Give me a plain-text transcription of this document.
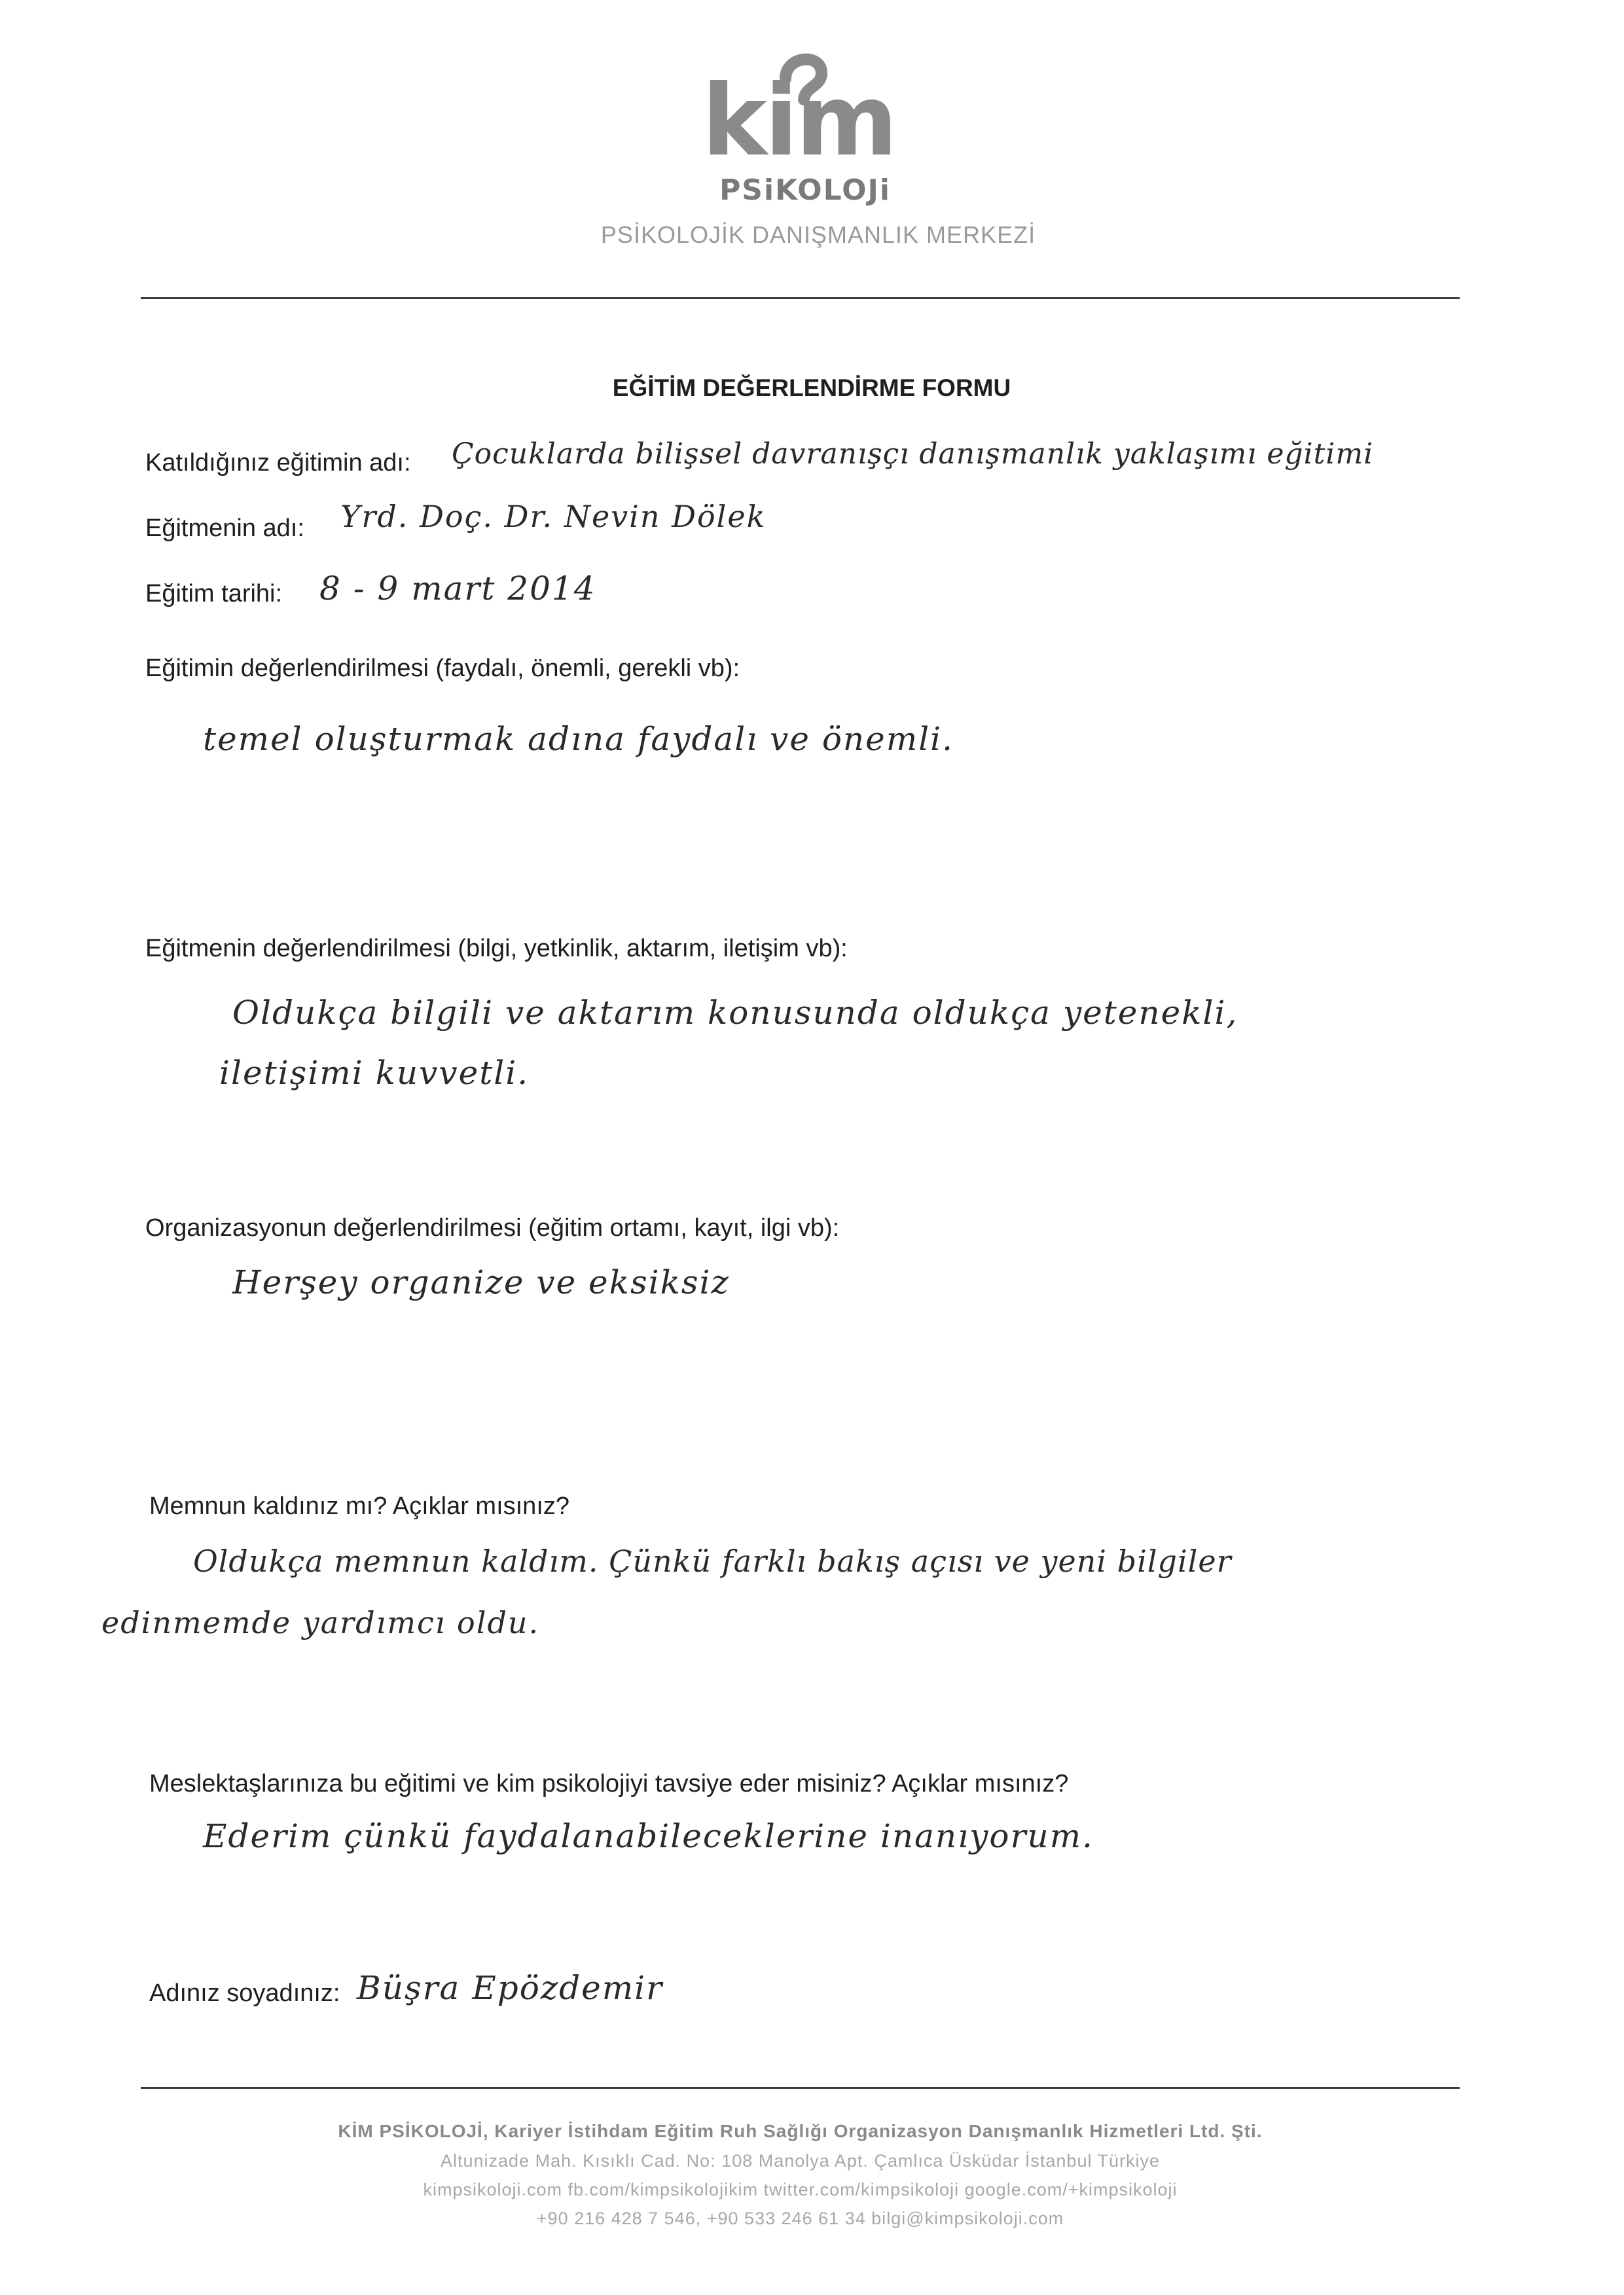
kim
PSiKOLOJi
PSİKOLOJİK DANIŞMANLIK MERKEZİ
EĞİTİM DEĞERLENDİRME FORMU
Katıldığınız eğitimin adı: Çocuklarda bilişsel davranışçı danışmanlık yaklaşımı eğitimi
Eğitmenin adı: Yrd. Doç. Dr. Nevin Dölek
Eğitim tarihi: 8 - 9 mart 2014
Eğitimin değerlendirilmesi (faydalı, önemli, gerekli vb):
temel oluşturmak adına faydalı ve önemli.
Eğitmenin değerlendirilmesi (bilgi, yetkinlik, aktarım, iletişim vb):
Oldukça bilgili ve aktarım konusunda oldukça yetenekli,
iletişimi kuvvetli.
Organizasyonun değerlendirilmesi (eğitim ortamı, kayıt, ilgi vb):
Herşey organize ve eksiksiz
Memnun kaldınız mı? Açıklar mısınız?
Oldukça memnun kaldım. Çünkü farklı bakış açısı ve yeni bilgiler
edinmemde yardımcı oldu.
Meslektaşlarınıza bu eğitimi ve kim psikolojiyi tavsiye eder misiniz? Açıklar mısınız?
Ederim çünkü faydalanabileceklerine inanıyorum.
Adınız soyadınız: Büşra Epözdemir
KİM PSİKOLOJİ, Kariyer İstihdam Eğitim Ruh Sağlığı Organizasyon Danışmanlık Hizmetleri Ltd. Şti.
Altunizade Mah. Kısıklı Cad. No: 108 Manolya Apt. Çamlıca Üsküdar İstanbul Türkiye
kimpsikoloji.com fb.com/kimpsikolojikim twitter.com/kimpsikoloji google.com/+kimpsikoloji
+90 216 428 7 546, +90 533 246 61 34 bilgi@kimpsikoloji.com
